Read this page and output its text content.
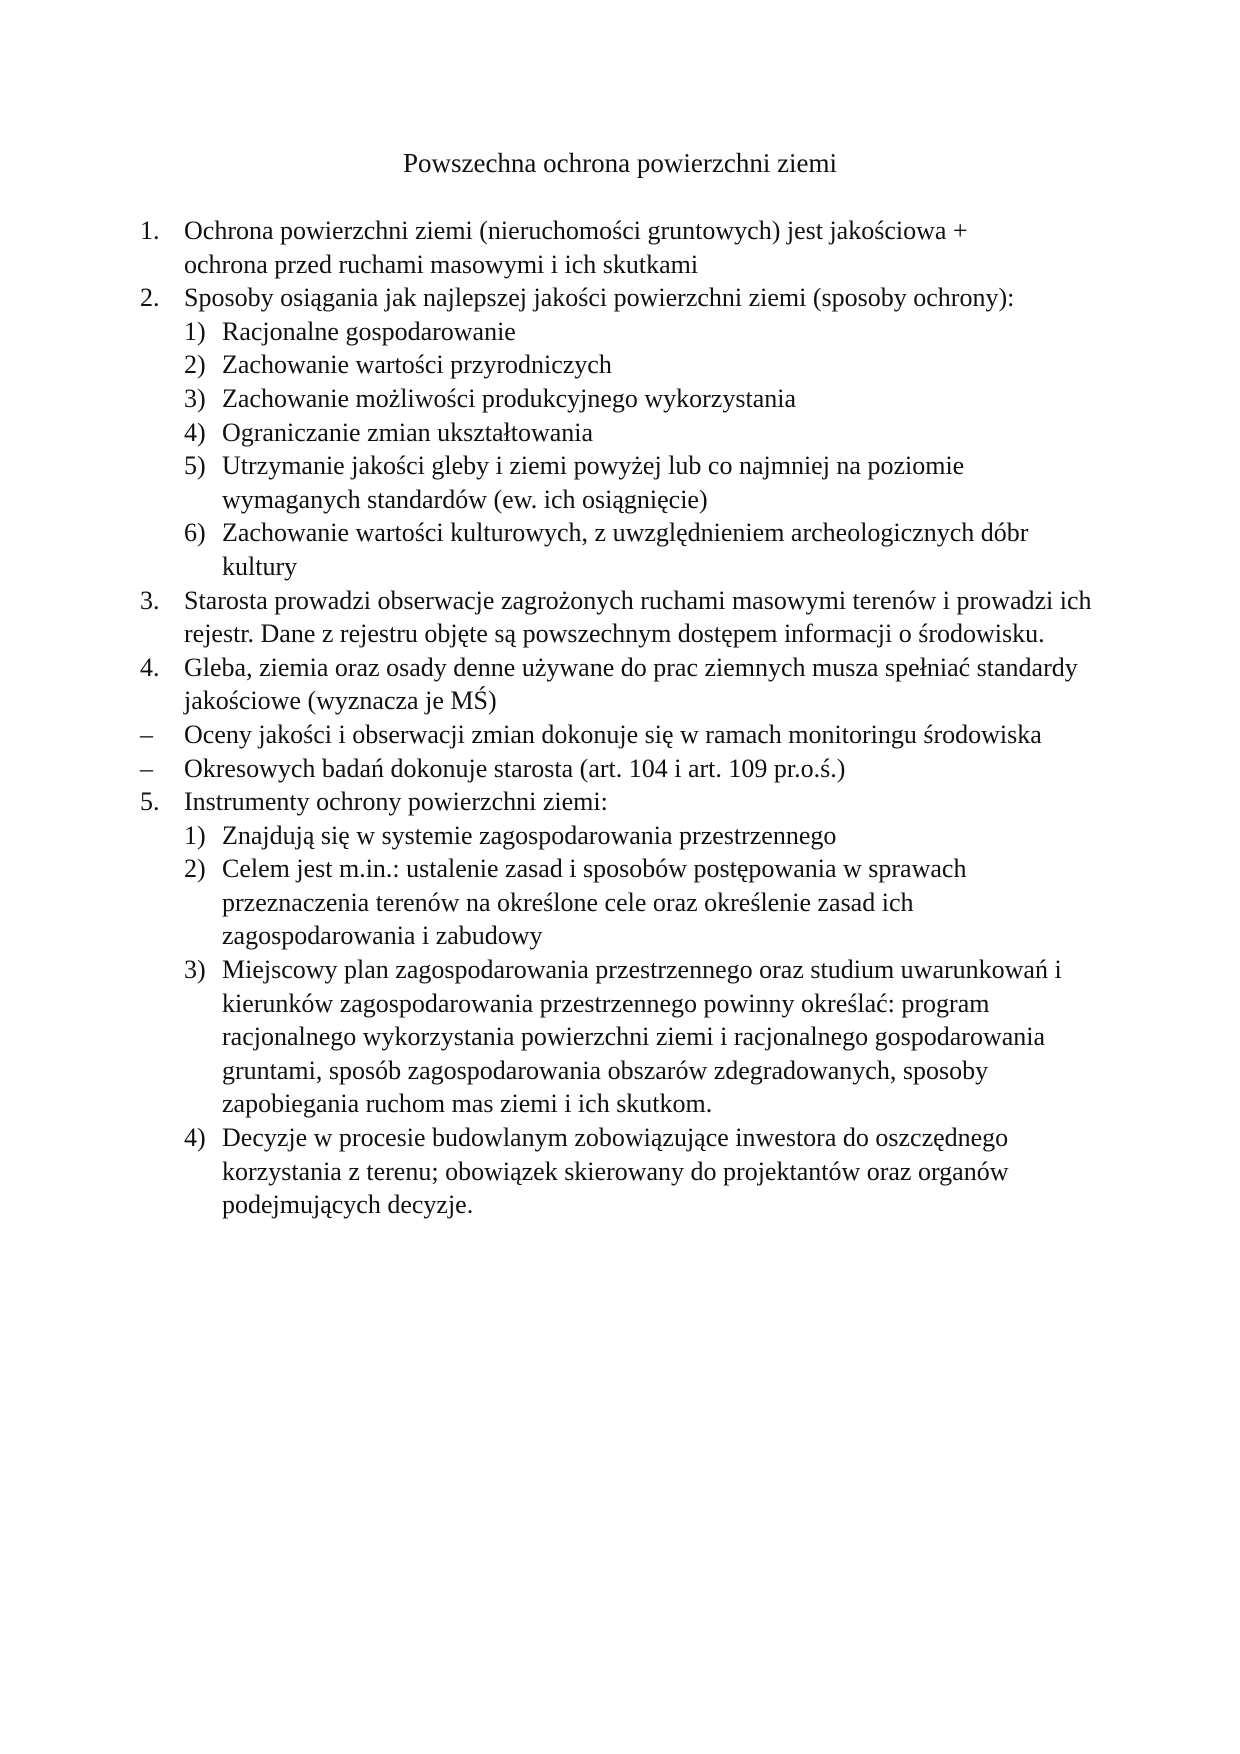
Powszechna ochrona powierzchni ziemi
1. Ochrona powierzchni ziemi (nieruchomości gruntowych) jest jakościowa +
ochrona przed ruchami masowymi i ich skutkami
2. Sposoby osiągania jak najlepszej jakości powierzchni ziemi (sposoby ochrony):
1) Racjonalne gospodarowanie
2) Zachowanie wartości przyrodniczych
3) Zachowanie możliwości produkcyjnego wykorzystania
4) Ograniczanie zmian ukształtowania
5) Utrzymanie jakości gleby i ziemi powyżej lub co najmniej na poziomie wymaganych standardów (ew. ich osiągnięcie)
6) Zachowanie wartości kulturowych, z uwzględnieniem archeologicznych dóbr kultury
3. Starosta prowadzi obserwacje zagrożonych ruchami masowymi terenów i prowadzi ich rejestr. Dane z rejestru objęte są powszechnym dostępem informacji o środowisku.
4. Gleba, ziemia oraz osady denne używane do prac ziemnych musza spełniać standardy jakościowe (wyznacza je MŚ)
–	Oceny jakości i obserwacji zmian dokonuje się w ramach monitoringu środowiska
–	Okresowych badań dokonuje starosta (art. 104 i art. 109 pr.o.ś.)
5. Instrumenty ochrony powierzchni ziemi:
1) Znajdują się w systemie zagospodarowania przestrzennego
2) Celem jest m.in.: ustalenie zasad i sposobów postępowania w sprawach przeznaczenia terenów na określone cele oraz określenie zasad ich zagospodarowania i zabudowy
3) Miejscowy plan zagospodarowania przestrzennego oraz studium uwarunkowań i kierunków zagospodarowania przestrzennego powinny określać: program racjonalnego wykorzystania powierzchni ziemi i racjonalnego gospodarowania gruntami, sposób zagospodarowania obszarów zdegradowanych, sposoby zapobiegania ruchom mas ziemi i ich skutkom.
4) Decyzje w procesie budowlanym zobowiązujące inwestora do oszczędnego korzystania z terenu; obowiązek skierowany do projektantów oraz organów podejmujących decyzje.
